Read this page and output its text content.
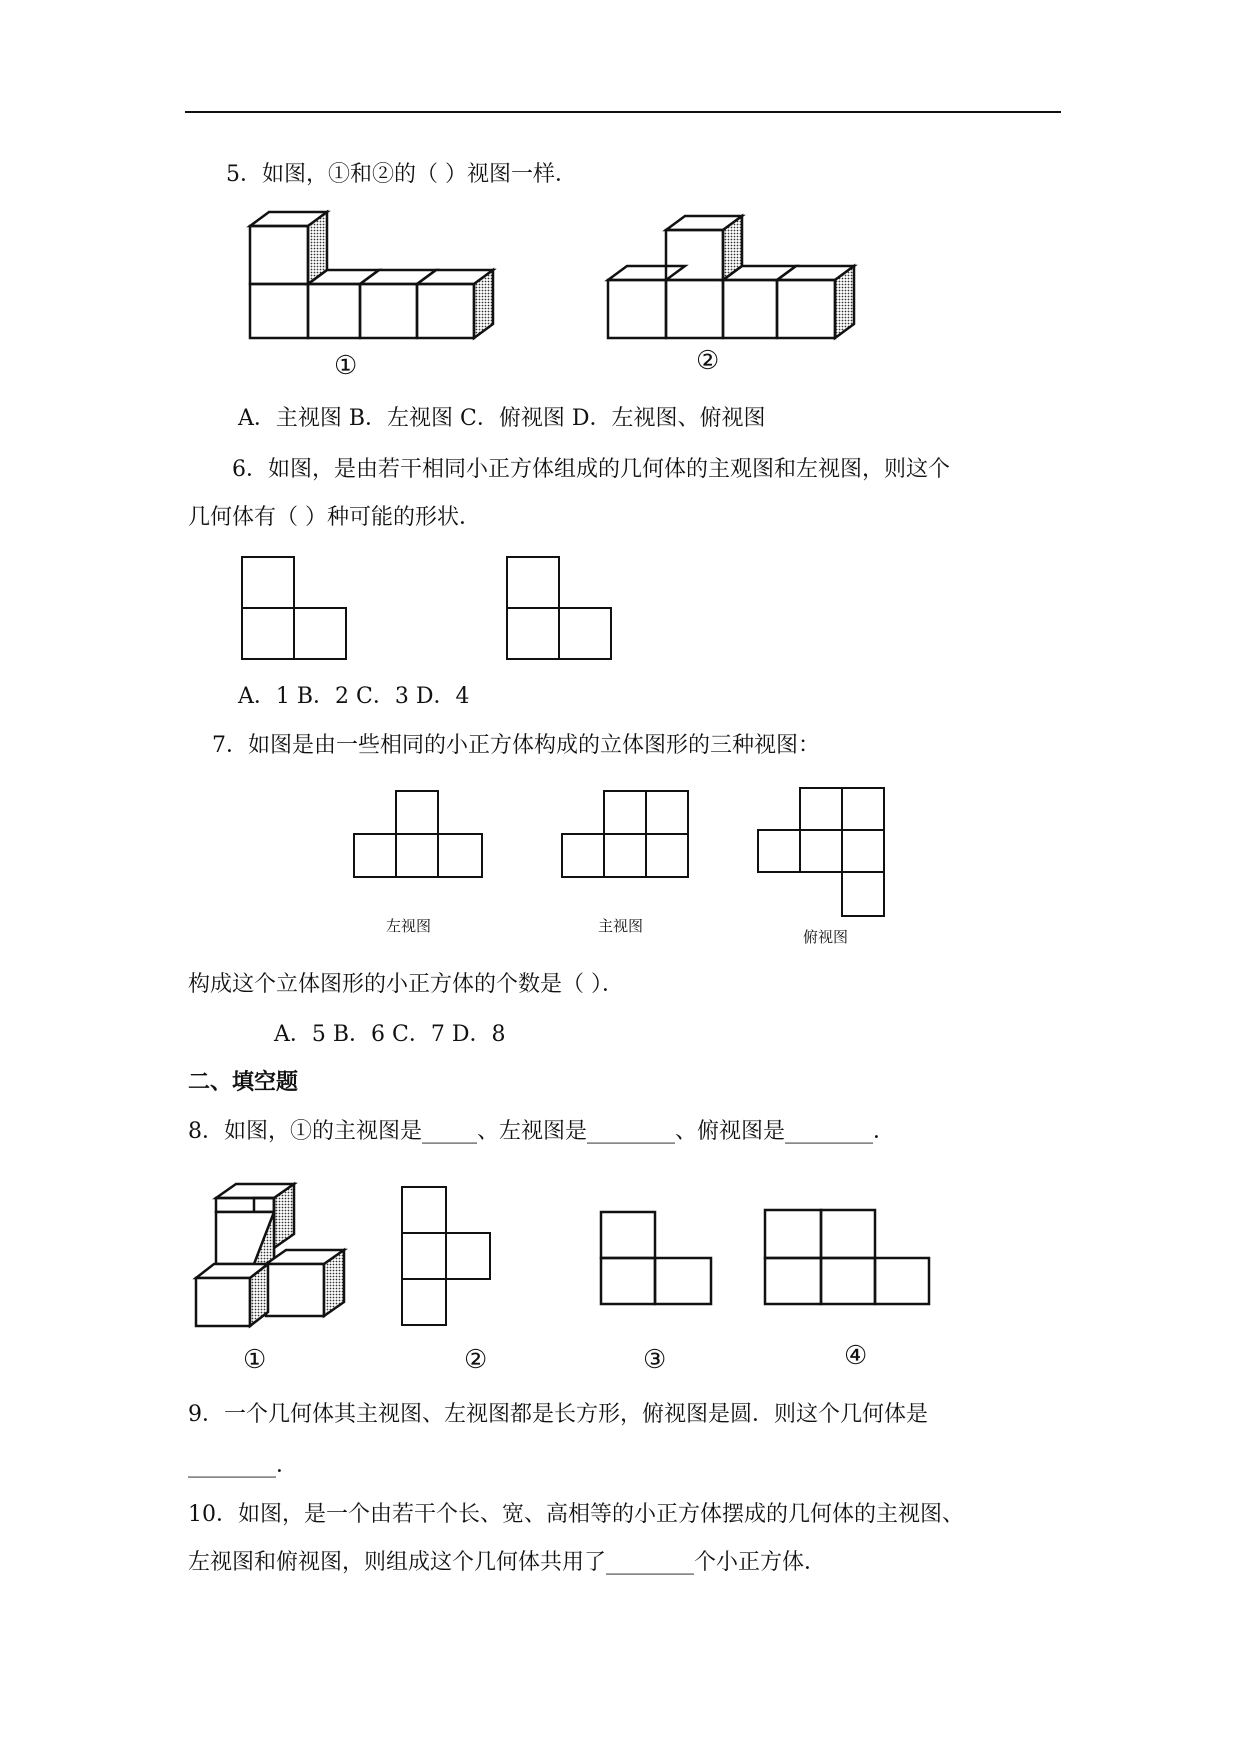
5．如图，①和②的（ ）视图一样．
①	②
A．主视图 B．左视图 C．俯视图 D．左视图、俯视图
6．如图，是由若干相同小正方体组成的几何体的主观图和左视图，则这个
几何体有（ ）种可能的形状．
A．1 B．2 C．3 D．4
7．如图是由一些相同的小正方体构成的立体图形的三种视图：
左视图	主视图
俯视图
构成这个立体图形的小正方体的个数是（ ）．
A．5 B．6 C．7 D．8
二、填空题
8．如图，①的主视图是_____、左视图是________、俯视图是________．
①	②	③	④
9．一个几何体其主视图、左视图都是长方形，俯视图是圆．则这个几何体是
________．
10．如图，是一个由若干个长、宽、高相等的小正方体摆成的几何体的主视图、
左视图和俯视图，则组成这个几何体共用了________个小正方体．
